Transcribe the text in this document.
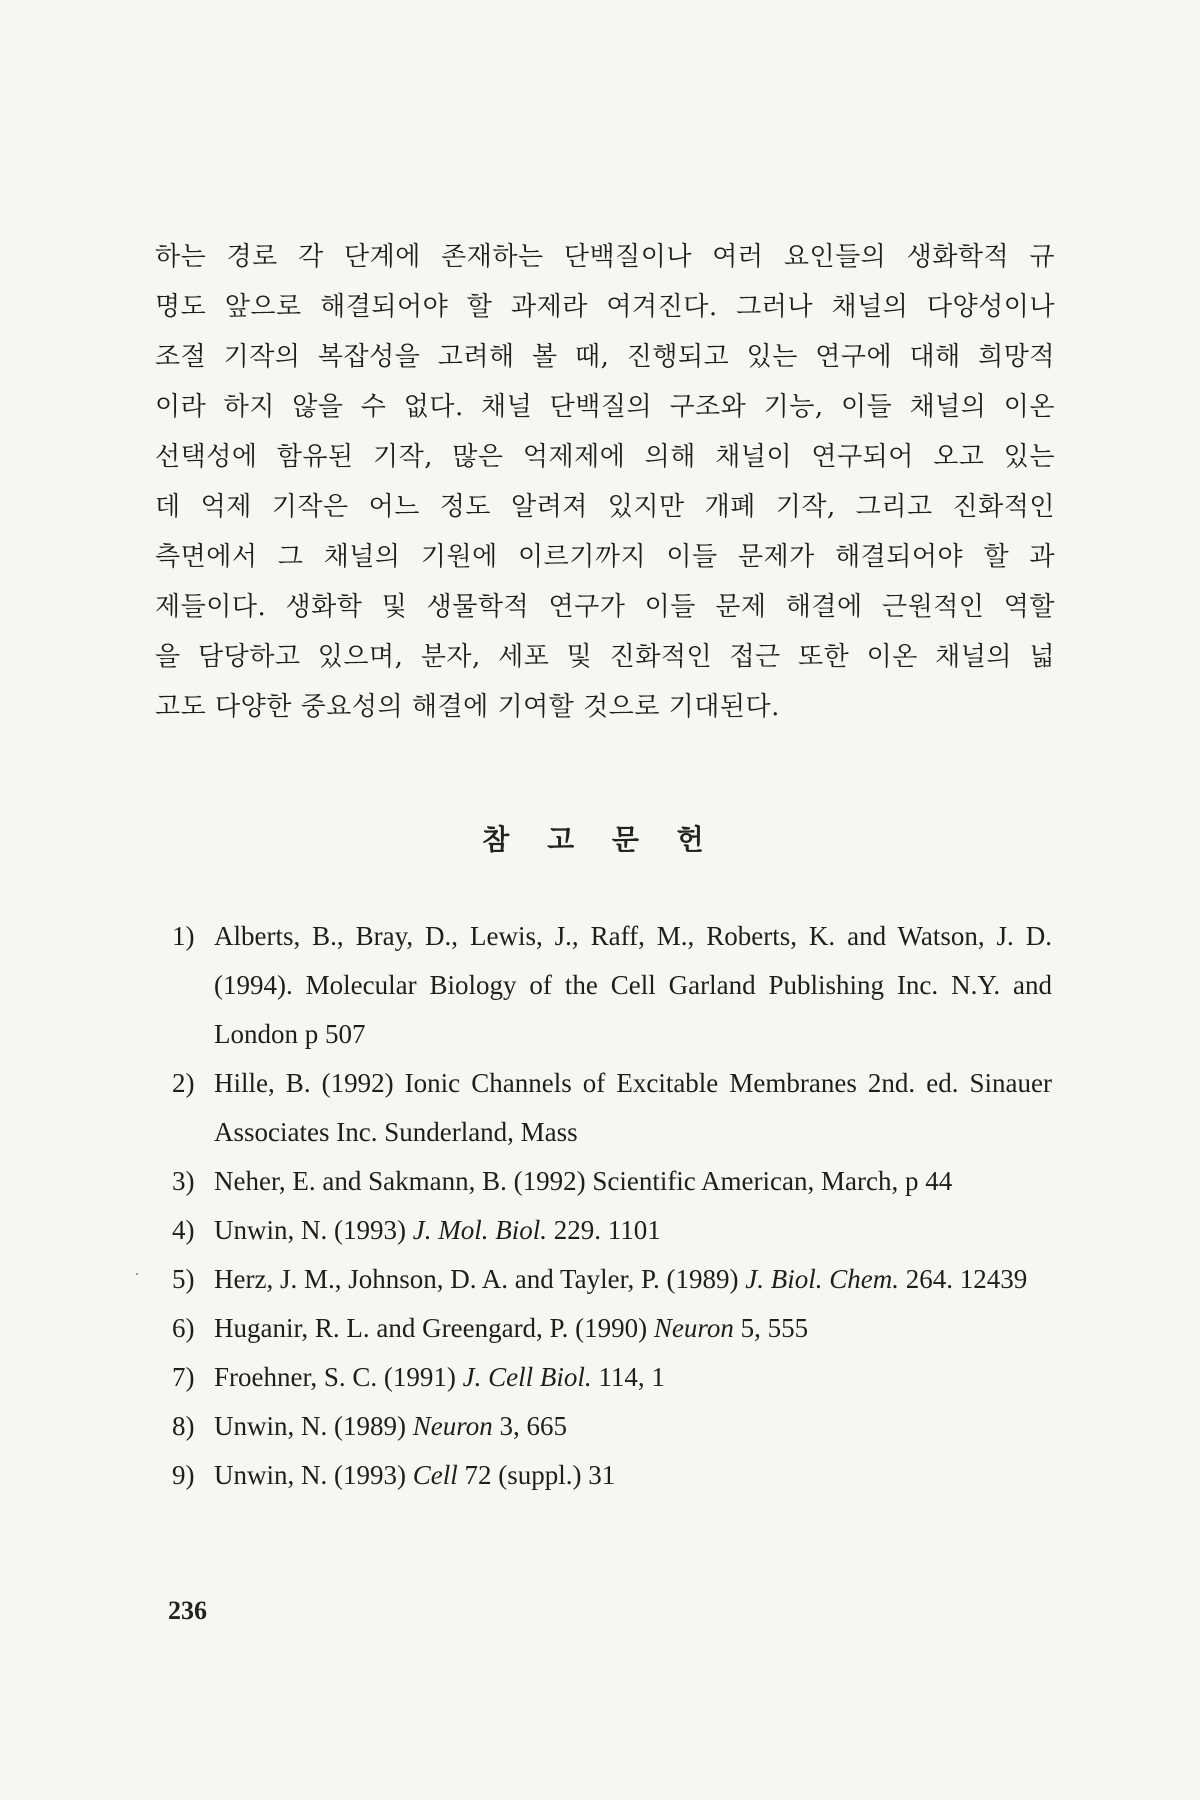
하는 경로 각 단계에 존재하는 단백질이나 여러 요인들의 생화학적 규
명도 앞으로 해결되어야 할 과제라 여겨진다. 그러나 채널의 다양성이나
조절 기작의 복잡성을 고려해 볼 때, 진행되고 있는 연구에 대해 희망적
이라 하지 않을 수 없다. 채널 단백질의 구조와 기능, 이들 채널의 이온
선택성에 함유된 기작, 많은 억제제에 의해 채널이 연구되어 오고 있는
데 억제 기작은 어느 정도 알려져 있지만 개폐 기작, 그리고 진화적인
측면에서 그 채널의 기원에 이르기까지 이들 문제가 해결되어야 할 과
제들이다. 생화학 및 생물학적 연구가 이들 문제 해결에 근원적인 역할
을 담당하고 있으며, 분자, 세포 및 진화적인 접근 또한 이온 채널의 넓
고도 다양한 중요성의 해결에 기여할 것으로 기대된다.
참 고 문 헌
1) Alberts, B., Bray, D., Lewis, J., Raff, M., Roberts, K. and Watson, J. D. (1994). Molecular Biology of the Cell Garland Publishing Inc. N.Y. and London p 507
2) Hille, B. (1992) Ionic Channels of Excitable Membranes 2nd. ed. Sinauer Associates Inc. Sunderland, Mass
3) Neher, E. and Sakmann, B. (1992) Scientific American, March, p 44
4) Unwin, N. (1993) J. Mol. Biol. 229. 1101
5) Herz, J. M., Johnson, D. A. and Tayler, P. (1989) J. Biol. Chem. 264. 12439
6) Huganir, R. L. and Greengard, P. (1990) Neuron 5, 555
7) Froehner, S. C. (1991) J. Cell Biol. 114, 1
8) Unwin, N. (1989) Neuron 3, 665
9) Unwin, N. (1993) Cell 72 (suppl.) 31
236
